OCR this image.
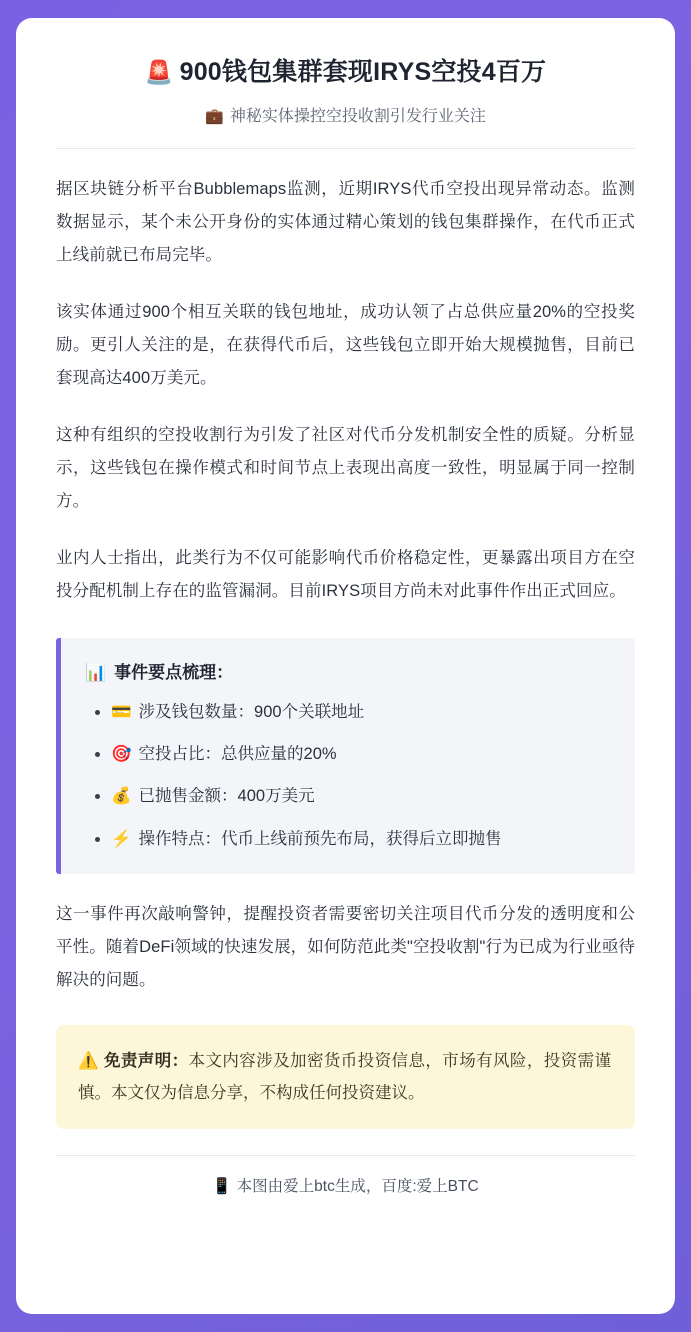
🚨 900钱包集群套现IRYS空投4百万
💼 神秘实体操控空投收割引发行业关注

据区块链分析平台Bubblemaps监测，近期IRYS代币空投出现异常动态。监测数据显示，某个未公开身份的实体通过精心策划的钱包集群操作，在代币正式上线前就已布局完毕。

该实体通过900个相互关联的钱包地址，成功认领了占总供应量20%的空投奖励。更引人关注的是，在获得代币后，这些钱包立即开始大规模抛售，目前已套现高达400万美元。

这种有组织的空投收割行为引发了社区对代币分发机制安全性的质疑。分析显示，这些钱包在操作模式和时间节点上表现出高度一致性，明显属于同一控制方。

业内人士指出，此类行为不仅可能影响代币价格稳定性，更暴露出项目方在空投分配机制上存在的监管漏洞。目前IRYS项目方尚未对此事件作出正式回应。

📊 事件要点梳理：
• 💳 涉及钱包数量：900个关联地址
• 🎯 空投占比：总供应量的20%
• 💰 已抛售金额：400万美元
• ⚡ 操作特点：代币上线前预先布局，获得后立即抛售

这一事件再次敲响警钟，提醒投资者需要密切关注项目代币分发的透明度和公平性。随着DeFi领域的快速发展，如何防范此类"空投收割"行为已成为行业亟待解决的问题。

⚠️ 免责声明：本文内容涉及加密货币投资信息，市场有风险，投资需谨慎。本文仅为信息分享，不构成任何投资建议。

📱 本图由爱上btc生成，百度:爱上BTC
